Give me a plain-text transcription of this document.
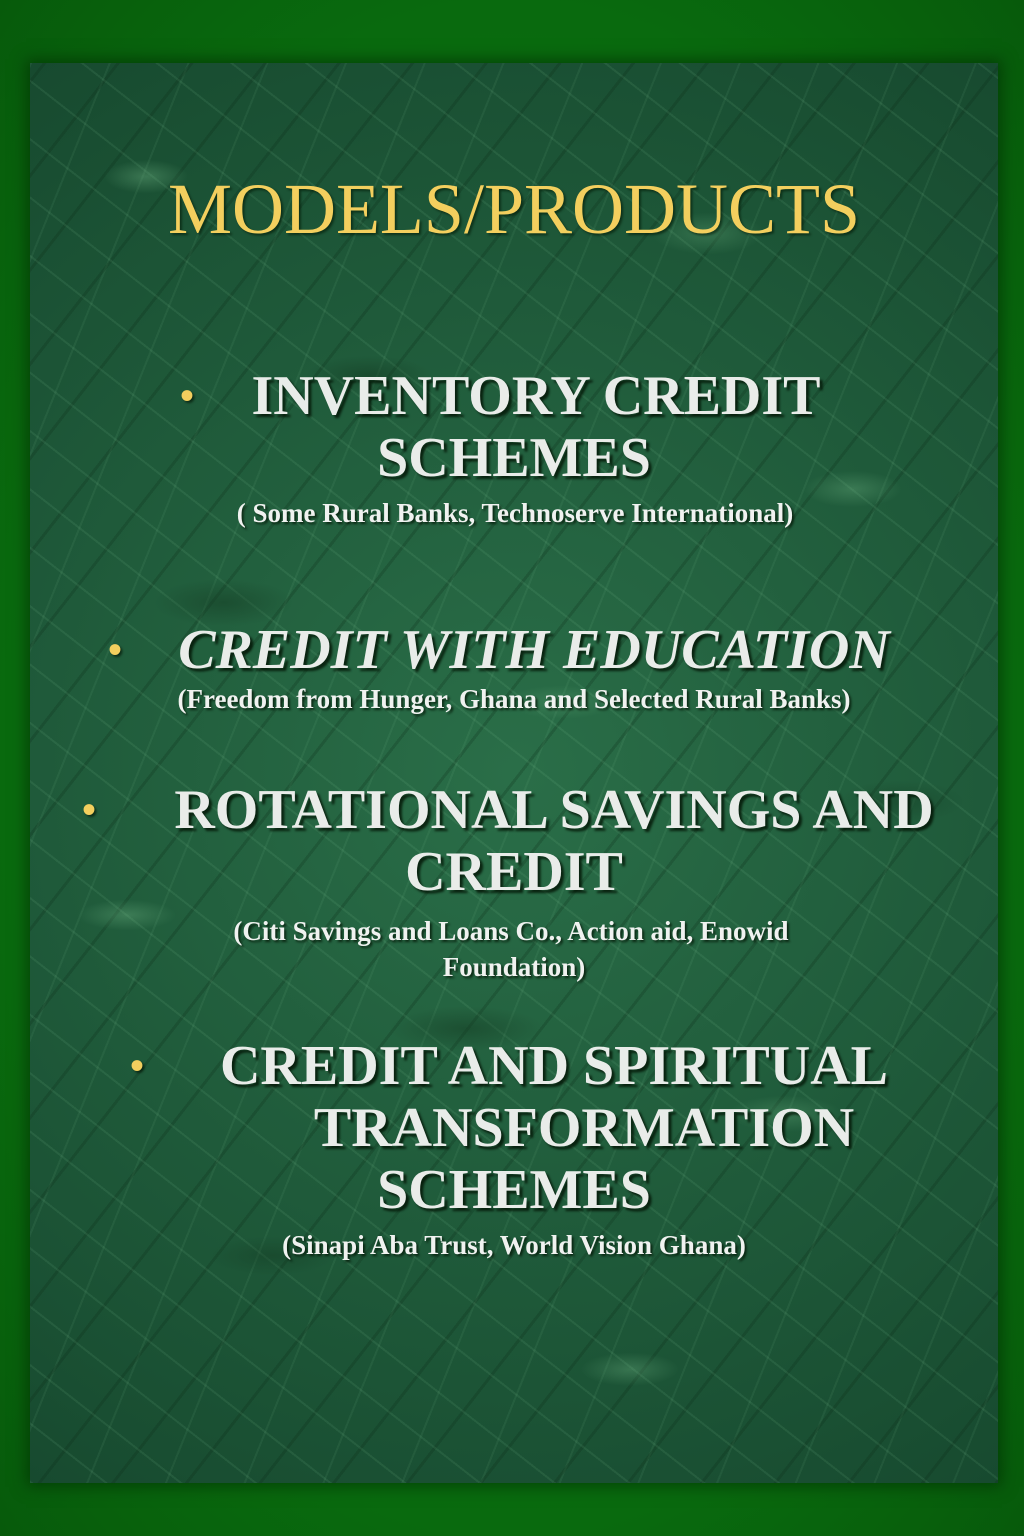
MODELS/PRODUCTS
•	INVENTORY CREDIT
SCHEMES
( Some Rural Banks, Technoserve International)
•	CREDIT WITH EDUCATION
(Freedom from Hunger, Ghana and Selected Rural Banks)
•	ROTATIONAL SAVINGS AND
CREDIT
(Citi Savings and Loans Co., Action aid, Enowid
Foundation)
•	CREDIT AND SPIRITUAL
TRANSFORMATION
SCHEMES
(Sinapi Aba Trust, World Vision Ghana)
